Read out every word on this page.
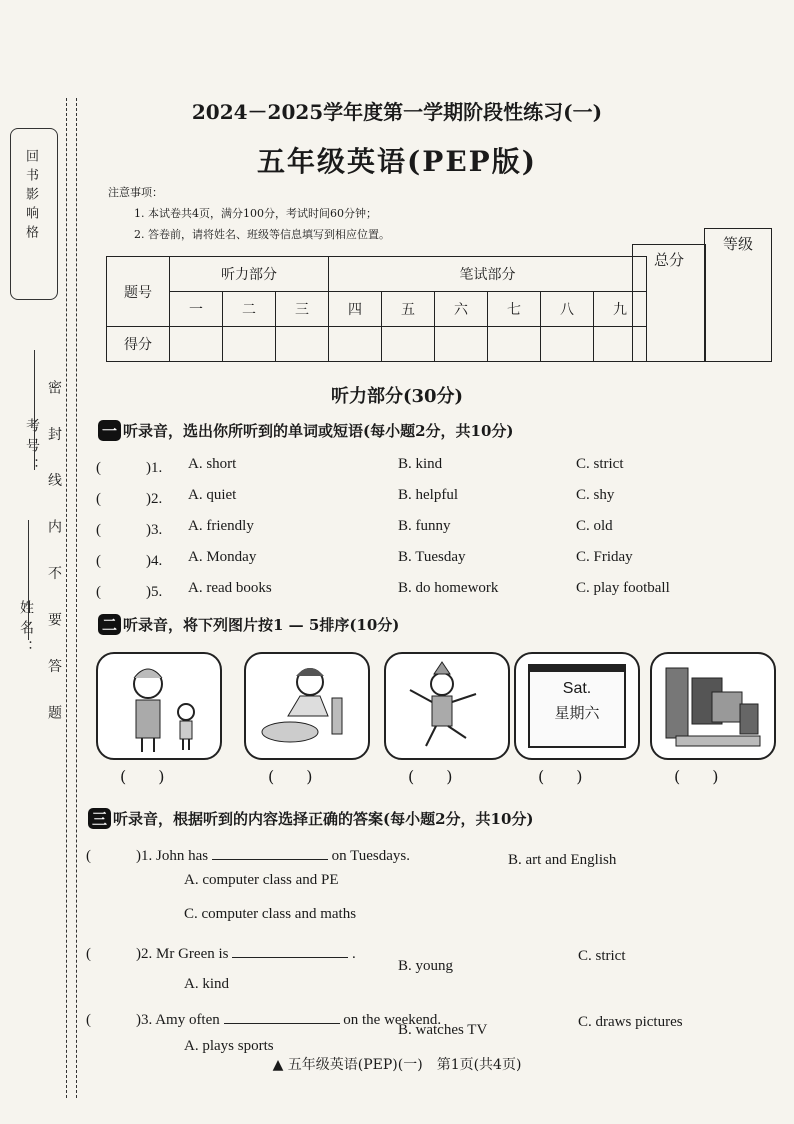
回书影响格
考号：
姓名： 密 封 线 内 不 要 答 题
2024－2025学年度第一学期阶段性练习(一)
五年级英语(PEP版)
注意事项：
1. 本试卷共4页，满分100分，考试时间60分钟；
2. 答卷前，请将姓名、班级等信息填写到相应位置。
题号	听力部分			笔试部分					
	一	二	三	四	五	六	七	八	九
得分									
总分
等级
听力部分(30分)
一 听录音，选出你所听到的单词或短语(每小题2分，共10分)
(　　　)1. A. short	B. kind	C. strict
(　　　)2. A. quiet	B. helpful	C. shy
(　　　)3. A. friendly	B. funny	C. old
(　　　)4. A. Monday	B. Tuesday	C. Friday
(　　　)5. A. read books	B. do homework	C. play football
二 听录音，将下列图片按1 — 5排序(10分)
Sat.
星期六
(　　)	(　　)	(　　)	(　　)	(　　)
三 听录音，根据听到的内容选择正确的答案(每小题2分，共10分)
(　　　)1. John has	on Tuesdays.	B. art and English
A. computer class and PE
C. computer class and maths
(　　　)2. Mr Green is	.
B. young
C. strict
A. kind
(　　　)3. Amy often	on the weekend.
B. watches TV	C. draws pictures
A. plays sports
▲ 五年级英语(PEP)(一)　第1页(共4页)
